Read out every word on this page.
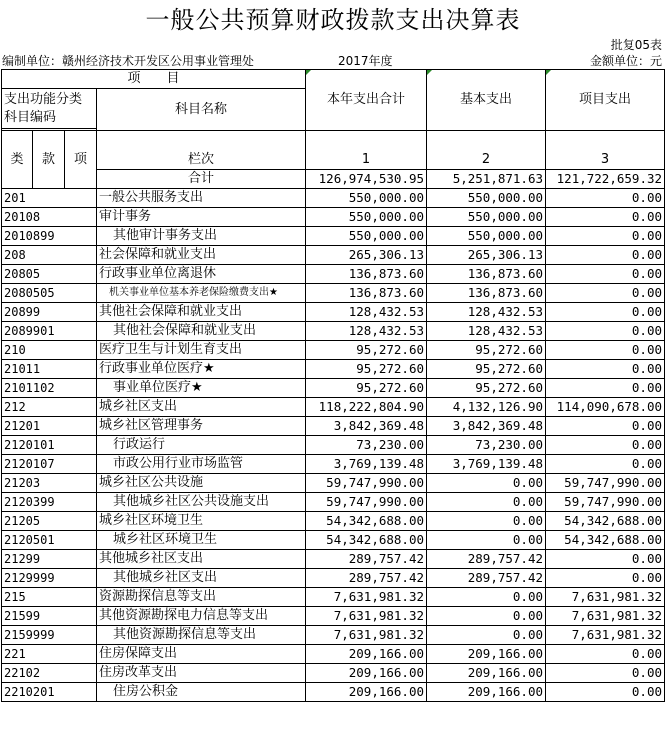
一般公共预算财政拨款支出决算表
批复05表
编制单位：赣州经济技术开发区公用事业管理处	2017年度	金额单位：元
项　　目				本年支出合计	基本支出	项目支出
支出功能分类科目编码			科目名称			

类	款	项	栏次	1	2	3
			合计	126,974,530.95	5,251,871.63	121,722,659.32
201			一般公共服务支出	550,000.00	550,000.00	0.00
20108			审计事务	550,000.00	550,000.00	0.00
2010899			其他审计事务支出	550,000.00	550,000.00	0.00
208			社会保障和就业支出	265,306.13	265,306.13	0.00
20805			行政事业单位离退休	136,873.60	136,873.60	0.00
2080505			机关事业单位基本养老保险缴费支出★	136,873.60	136,873.60	0.00
20899			其他社会保障和就业支出	128,432.53	128,432.53	0.00
2089901			其他社会保障和就业支出	128,432.53	128,432.53	0.00
210			医疗卫生与计划生育支出	95,272.60	95,272.60	0.00
21011			行政事业单位医疗★	95,272.60	95,272.60	0.00
2101102			事业单位医疗★	95,272.60	95,272.60	0.00
212			城乡社区支出	118,222,804.90	4,132,126.90	114,090,678.00
21201			城乡社区管理事务	3,842,369.48	3,842,369.48	0.00
2120101			行政运行	73,230.00	73,230.00	0.00
2120107			市政公用行业市场监管	3,769,139.48	3,769,139.48	0.00
21203			城乡社区公共设施	59,747,990.00	0.00	59,747,990.00
2120399			其他城乡社区公共设施支出	59,747,990.00	0.00	59,747,990.00
21205			城乡社区环境卫生	54,342,688.00	0.00	54,342,688.00
2120501			城乡社区环境卫生	54,342,688.00	0.00	54,342,688.00
21299			其他城乡社区支出	289,757.42	289,757.42	0.00
2129999			其他城乡社区支出	289,757.42	289,757.42	0.00
215			资源勘探信息等支出	7,631,981.32	0.00	7,631,981.32
21599			其他资源勘探电力信息等支出	7,631,981.32	0.00	7,631,981.32
2159999			其他资源勘探信息等支出	7,631,981.32	0.00	7,631,981.32
221			住房保障支出	209,166.00	209,166.00	0.00
22102			住房改革支出	209,166.00	209,166.00	0.00
2210201			住房公积金	209,166.00	209,166.00	0.00
